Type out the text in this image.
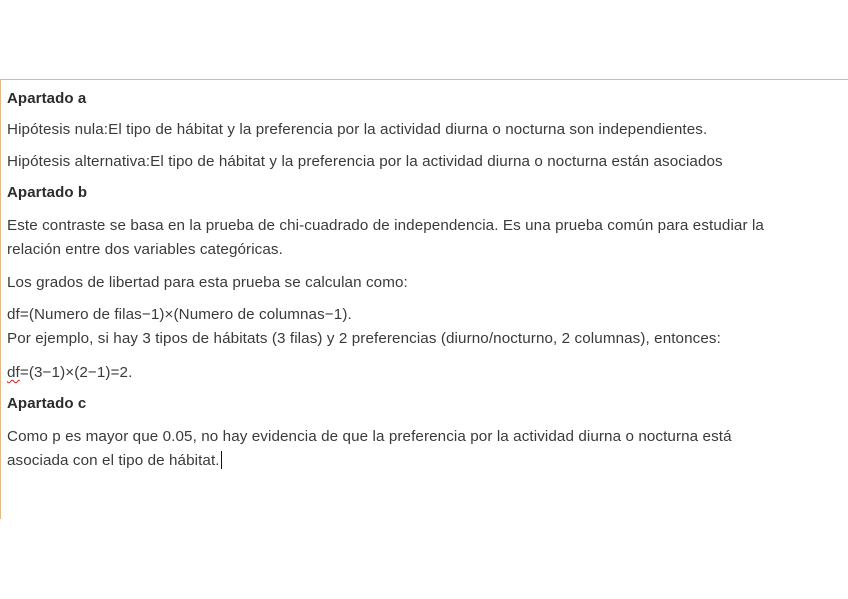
Apartado a
Hipótesis nula:El tipo de hábitat y la preferencia por la actividad diurna o nocturna son independientes.
Hipótesis alternativa:El tipo de hábitat y la preferencia por la actividad diurna o nocturna están asociados
Apartado b
Este contraste se basa en la prueba de chi-cuadrado de independencia. Es una prueba común para estudiar la
relación entre dos variables categóricas.
Los grados de libertad para esta prueba se calculan como:
df=(Numero de filas−1)×(Numero de columnas−1).
Por ejemplo, si hay 3 tipos de hábitats (3 filas) y 2 preferencias (diurno/nocturno, 2 columnas), entonces:
df=(3−1)×(2−1)=2.
Apartado c
Como p es mayor que 0.05, no hay evidencia de que la preferencia por la actividad diurna o nocturna está
asociada con el tipo de hábitat.
